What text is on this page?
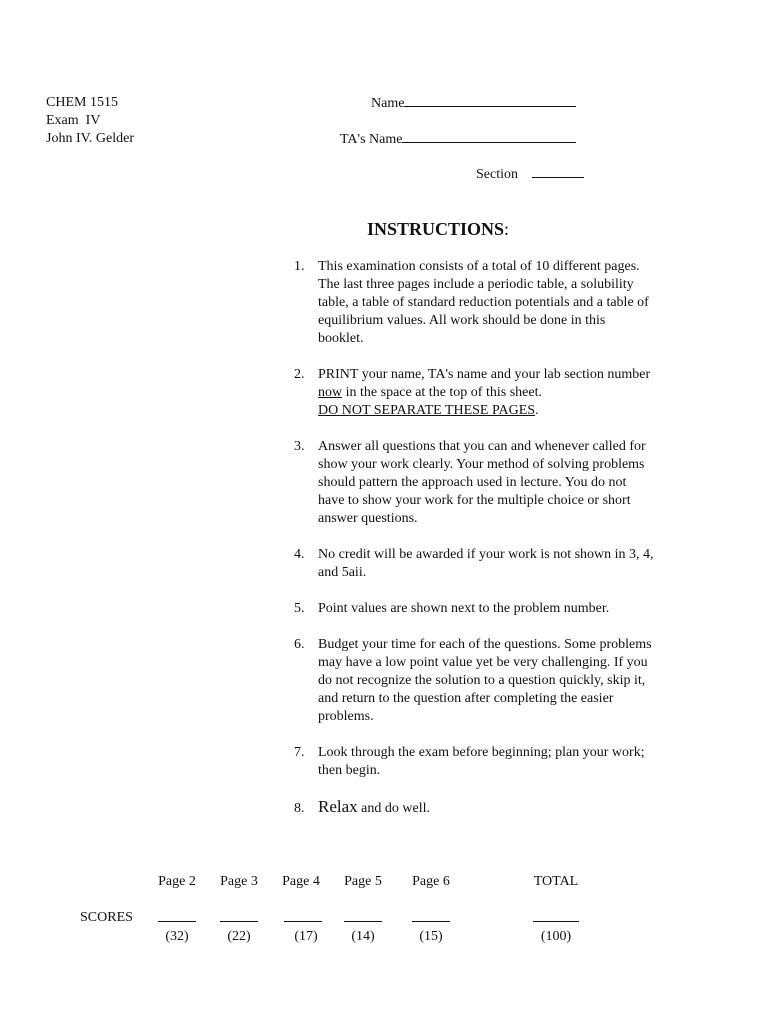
CHEM 1515
Exam  IV
John IV. Gelder
Name
TA's Name
Section
INSTRUCTIONS:
1. This examination consists of a total of 10 different pages. The last three pages include a periodic table, a solubility table, a table of standard reduction potentials and a table of equilibrium values. All work should be done in this booklet.
2. PRINT your name, TA's name and your lab section number now in the space at the top of this sheet.
DO NOT SEPARATE THESE PAGES.
3. Answer all questions that you can and whenever called for show your work clearly. Your method of solving problems should pattern the approach used in lecture. You do not have to show your work for the multiple choice or short answer questions.
4. No credit will be awarded if your work is not shown in 3, 4, and 5aii.
5. Point values are shown next to the problem number.
6. Budget your time for each of the questions. Some problems may have a low point value yet be very challenging. If you do not recognize the solution to a question quickly, skip it, and return to the question after completing the easier problems.
7. Look through the exam before beginning; plan your work; then begin.
8. Relax and do well.
SCORES
Page 2	Page 3	Page 4	Page 5	Page 6	TOTAL
(32)	(22)	(17)	(14)	(15)	(100)
